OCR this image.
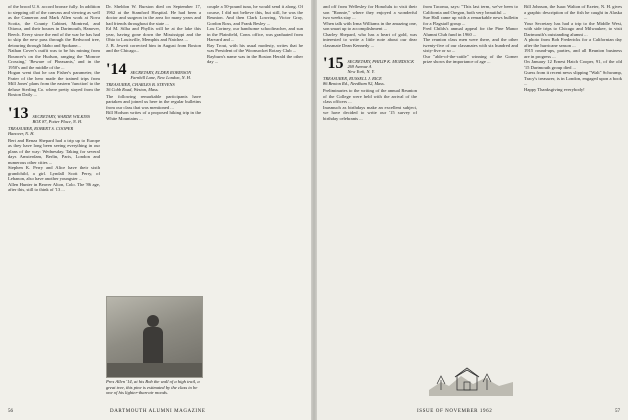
of the brood U.S. accord bronze fully. In addition to stepping off of the canvass and viewing as well as the Cameron and Mark Allen work at Nova Scotia, the County Cabinet, Montreal, and Ottawa, and their houses in Dartmouth, Hanover, Beech. Every since the end of the war he has had to skip the new pass through the Redwood tree, detouring through Idaho and Spokane...

Nathan Cover's outfit was to be his mining from Bouncer's on the Hudson, ranging the 'Monroe Crossing,' 'Beware of Pheasants,' and in the 1950's and the middle of the ...

Hogan went that he can Fisher's parameter, the Frater of the hero made the trained trips from Mill Jones' plans from the eastern 'function' to the deluxe Sterling Co. where pretty stayed from the Boston Daily ...

'13 SECRETARY, WARDE WILKINS
BOX 87, Potter Place, N. H.
TREASURER, ROBERT S. COOPER
Hanover, N. H.

Bert and Renza Shepard had a trip up to Europe as they have long been seeing everything in our plans of the way: Wednesday. Taking for several days Amsterdam, Berlin, Paris, London and numerous other cities ...

Stephen K. Perry and Alice have their sixth grandchild, a girl. Lyndall Scott Perry, of Lebanon, also have another youngster ...

Allen Hunter in Beaver Alton, Colo. The '86 age, after this, still to think of '13 ...

Dr. Sheldon W. Burston died on September 17, 1962 at the Stamford Hospital. He had been a doctor and surgeon in the area for many years and had friends throughout the state ...

Ed M. Silha and Phyllis will be at the lake this year, having gone down the Mississippi and the Ohio to Louisville, Memphis and Natchez ...

J. B. Jewett corrected him in August from Boston and the Chicago...

'14 SECRETARY, ELDER ROBINSON
Farnhill Lane, New London, N. H.
TREASURER, CHARLES B. STEVENS
36 Cobb Road, Weston, Mass.

The following remarkable participants have partaken and joined us here in the regular bulletins from our class that was mentioned ...

Bill Hodson writes of a proposed hiking trip in the White Mountains ...

Pres Allen '14, at his Bob the wall of a high trail, a great tree, this pine is estimated by the class to be one of his lighter-than-air moods.

couple a 50-pound tuna, he would send it along. Of course, I did not believe this, but still, he was the Reunion. And then Clark Lowring, Victor Gray, Gordon Ross, and Frank Besley ...

Lou Cortney, our handsome schoolteacher, and sun in the Plainfield, Conn. office, was graduated from Harvard and ...

Ray Trout, with his usual modesty, writes that he was President of the Woonsocket Rotary Club ...

Rayburn's name was in the Boston Herald the other day ...

56	DARTMOUTH ALUMNI MAGAZINE

and off from Wellesley for Honolulu to visit their son "Ronnie," where they enjoyed a wonderful two weeks stay ...

When talk with Irma Williams in the amazing one, son smart up to accomplishment ...

Charley Shepard, who has a heart of gold, was interested to write a little note about our dear classmate Dean Kennedy ...

'15 SECRETARY, PHILIP K. MURDOCK
269 Avenue A
New York, N. Y.
TREASURER, RUSSELL J. RICE
86 Benton Rd., Needham 92, Mass.

Preliminaries to the writing of the annual Reunion of the College were held with the arrival of the class officers ...

Inasmuch as birthdays make an excellent subject, we have decided to write our '15 survey of birthday celebrants ...

from Tacoma, says: "This last term, we've been to California and Oregon, both very beautiful ...

Sue Hall came up with a remarkable news bulletin for a Flagstaff group ...

Fred Childs's annual appeal for the Pine Manor Alumni Club fund in 1960 ...

The reunion class men were there, and the other twenty-five of our classmates with six hundred and sixty-five or so ...

Our "able-of-the-cattle" winning of the Gomer prize shows the importance of age ...

Bill Johnson, the Isaac Walton of Exeter, N. H. gives a graphic description of the fish he caught in Alaska ...

Your Secretary has had a trip to the Middle West, with side trips to Chicago and Milwaukee, to visit Dartmouth's outstanding alumni ...

A photo from Bob Fredericks for a Californian day after the hurricane season ...

1915 round-ups, parties, and all Reunion business are in progress ...

On January 12 Ernest Hatch Cooper, 91, of the old '15 Dartmouth group died ...

Guess from it recent news slipping "Walt" Schwamp, Tracy's treasurer, is in London, engaged upon a book ...

Happy Thanksgiving everybody!

ISSUE OF NOVEMBER 1962	57
